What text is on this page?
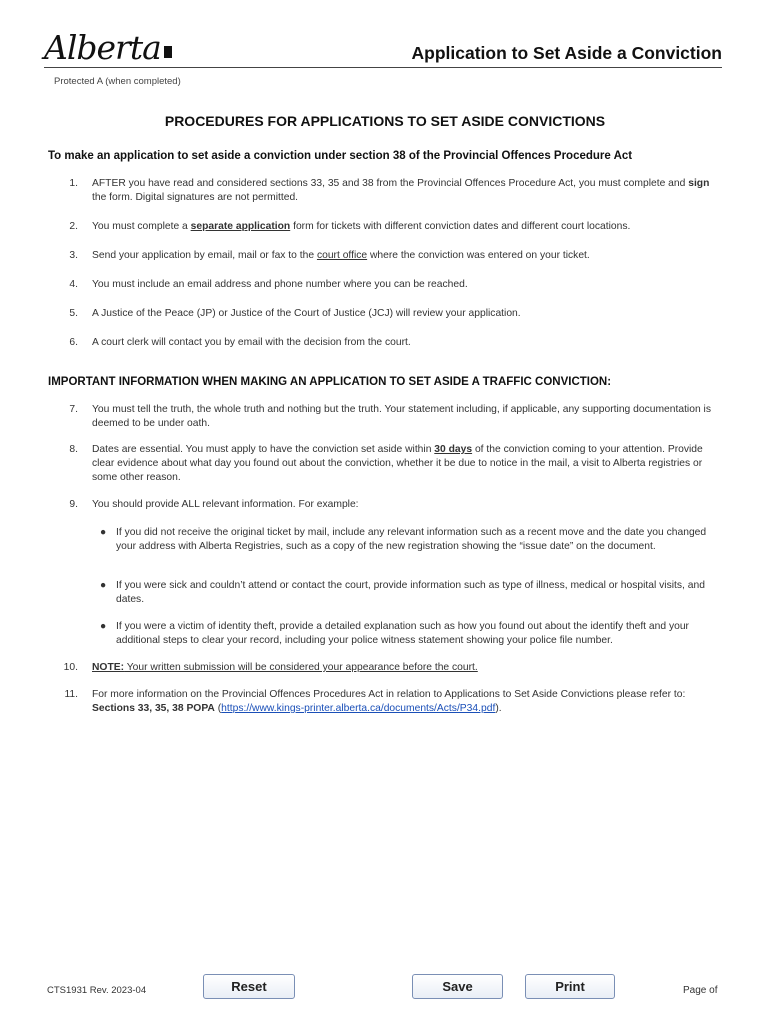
Alberta	Application to Set Aside a Conviction
Protected A (when completed)
PROCEDURES FOR APPLICATIONS TO SET ASIDE CONVICTIONS
To make an application to set aside a conviction under section 38 of the Provincial Offences Procedure Act
1. AFTER you have read and considered sections 33, 35 and 38 from the Provincial Offences Procedure Act, you must complete and sign the form. Digital signatures are not permitted.
2. You must complete a separate application form for tickets with different conviction dates and different court locations.
3. Send your application by email, mail or fax to the court office where the conviction was entered on your ticket.
4. You must include an email address and phone number where you can be reached.
5. A Justice of the Peace (JP) or Justice of the Court of Justice (JCJ) will review your application.
6. A court clerk will contact you by email with the decision from the court.
IMPORTANT INFORMATION WHEN MAKING AN APPLICATION TO SET ASIDE A TRAFFIC CONVICTION:
7. You must tell the truth, the whole truth and nothing but the truth. Your statement including, if applicable, any supporting documentation is deemed to be under oath.
8. Dates are essential. You must apply to have the conviction set aside within 30 days of the conviction coming to your attention. Provide clear evidence about what day you found out about the conviction, whether it be due to notice in the mail, a visit to Alberta registries or some other reason.
9. You should provide ALL relevant information. For example:
● If you did not receive the original ticket by mail, include any relevant information such as a recent move and the date you changed your address with Alberta Registries, such as a copy of the new registration showing the “issue date” on the document.
● If you were sick and couldn’t attend or contact the court, provide information such as type of illness, medical or hospital visits, and dates.
● If you were a victim of identity theft, provide a detailed explanation such as how you found out about the identify theft and your additional steps to clear your record, including your police witness statement showing your police file number.
10. NOTE: Your written submission will be considered your appearance before the court.
11. For more information on the Provincial Offences Procedures Act in relation to Applications to Set Aside Convictions please refer to: Sections 33, 35, 38 POPA (https://www.kings-printer.alberta.ca/documents/Acts/P34.pdf).
CTS1931 Rev. 2023-04	Reset	Save	Print	Page of
